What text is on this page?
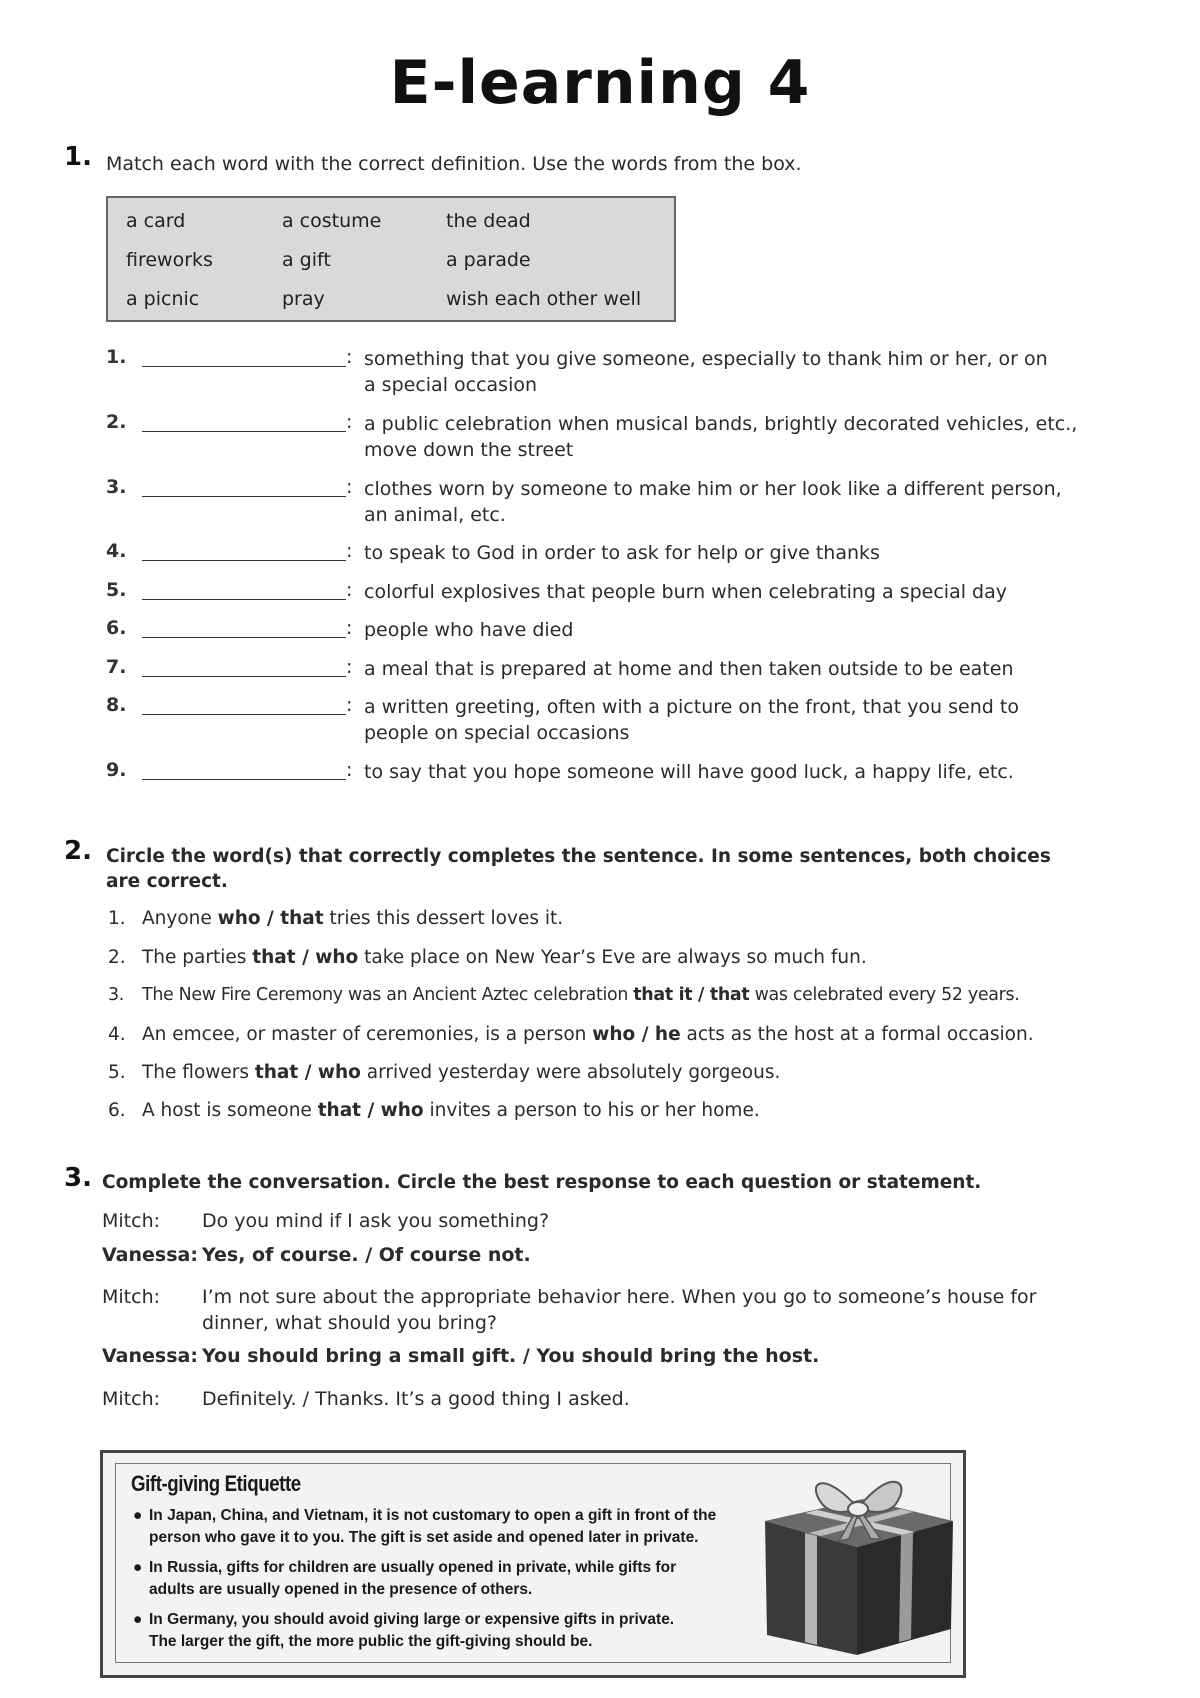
E-learning 4
1. Match each word with the correct definition. Use the words from the box.
a card	a costume	the dead
fireworks	a gift	a parade
a picnic	pray	wish each other well
1.	: something that you give someone, especially to thank him or her, or on
a special occasion
2.	: a public celebration when musical bands, brightly decorated vehicles, etc.,
move down the street
3.	: clothes worn by someone to make him or her look like a different person,
an animal, etc.
4.	: to speak to God in order to ask for help or give thanks
5.	: colorful explosives that people burn when celebrating a special day
6.	: people who have died
7.	: a meal that is prepared at home and then taken outside to be eaten
8.	: a written greeting, often with a picture on the front, that you send to
people on special occasions
9.	: to say that you hope someone will have good luck, a happy life, etc.
2. Circle the word(s) that correctly completes the sentence. In some sentences, both choices
are correct.
1. Anyone who / that tries this dessert loves it.
2. The parties that / who take place on New Year’s Eve are always so much fun.
3. The New Fire Ceremony was an Ancient Aztec celebration that it / that was celebrated every 52 years.
4. An emcee, or master of ceremonies, is a person who / he acts as the host at a formal occasion.
5. The flowers that / who arrived yesterday were absolutely gorgeous.
6. A host is someone that / who invites a person to his or her home.
3. Complete the conversation. Circle the best response to each question or statement.
Mitch: Do you mind if I ask you something?
Vanessa: Yes, of course. / Of course not.
Mitch: I’m not sure about the appropriate behavior here. When you go to someone’s house for
dinner, what should you bring?
Vanessa: You should bring a small gift. / You should bring the host.
Mitch: Definitely. / Thanks. It’s a good thing I asked.
Gift-giving Etiquette
● In Japan, China, and Vietnam, it is not customary to open a gift in front of the
person who gave it to you. The gift is set aside and opened later in private.
● In Russia, gifts for children are usually opened in private, while gifts for
adults are usually opened in the presence of others.
● In Germany, you should avoid giving large or expensive gifts in private.
The larger the gift, the more public the gift-giving should be.
